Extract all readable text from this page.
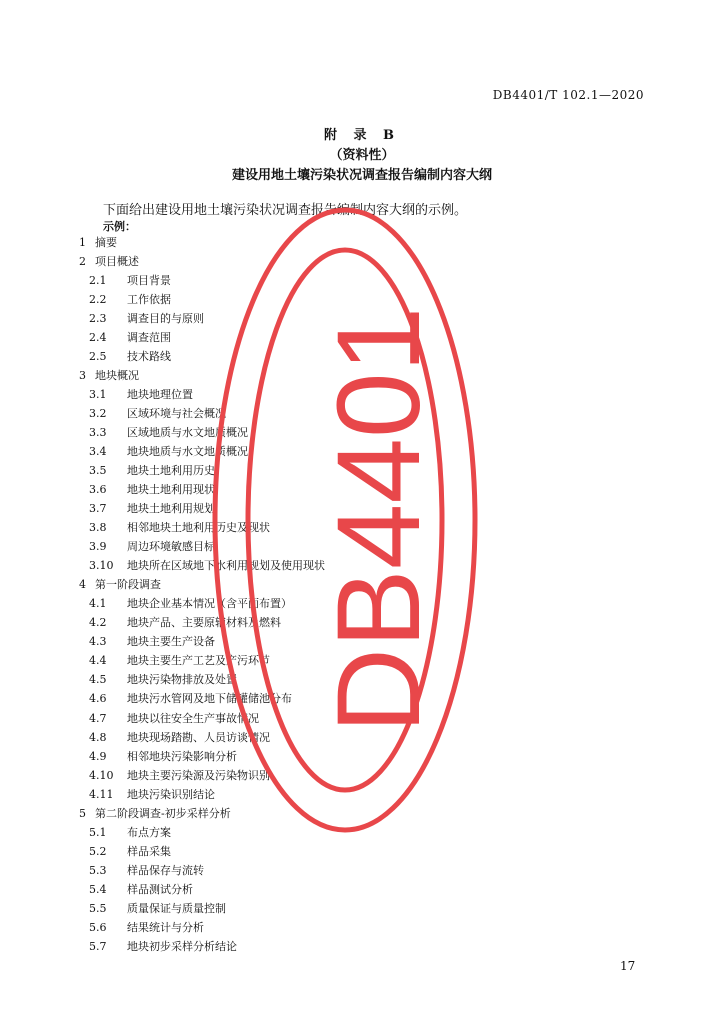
DB4401/T 102.1—2020
附 录 B
（资料性）
建设用地土壤污染状况调查报告编制内容大纲
下面给出建设用地土壤污染状况调查报告编制内容大纲的示例。
示例：
1 摘要
2 项目概述
2.1 项目背景
2.2 工作依据
2.3 调查目的与原则
2.4 调查范围
2.5 技术路线
3 地块概况
3.1 地块地理位置
3.2 区域环境与社会概况
3.3 区域地质与水文地质概况
3.4 地块地质与水文地质概况
3.5 地块土地利用历史
3.6 地块土地利用现状
3.7 地块土地利用规划
3.8 相邻地块土地利用历史及现状
3.9 周边环境敏感目标
3.10 地块所在区域地下水利用规划及使用现状
4 第一阶段调查
4.1 地块企业基本情况（含平面布置）
4.2 地块产品、主要原辅材料及燃料
4.3 地块主要生产设备
4.4 地块主要生产工艺及产污环节
4.5 地块污染物排放及处置
4.6 地块污水管网及地下储罐储池分布
4.7 地块以往安全生产事故情况
4.8 地块现场踏勘、人员访谈情况
4.9 相邻地块污染影响分析
4.10 地块主要污染源及污染物识别
4.11 地块污染识别结论
5 第二阶段调查-初步采样分析
5.1 布点方案
5.2 样品采集
5.3 样品保存与流转
5.4 样品测试分析
5.5 质量保证与质量控制
5.6 结果统计与分析
5.7 地块初步采样分析结论
17
DB4401
